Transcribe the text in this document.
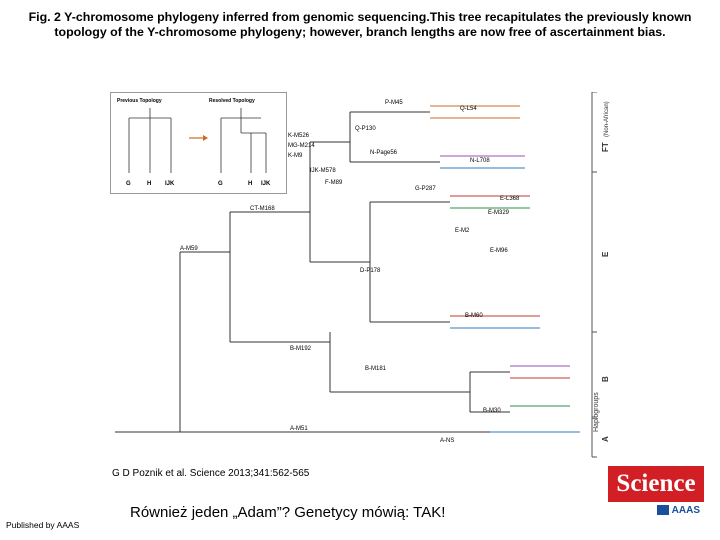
Fig. 2 Y-chromosome phylogeny inferred from genomic sequencing.This tree recapitulates the previously known topology of the Y-chromosome phylogeny; however, branch lengths are now free of ascertainment bias.
P-M45
Q-L54
Q-P130
K-M526
MG-M214
K-M9	N-Page56
N-L708
IJK-M578
F-M89
G-P287
CT-M168
E-L368
E-M329
E-M2
E-M96
D-P178
A-M59
B-M60
B-M192
B-M181
B-M30
A-M51
A-NS
FT
(Non-African)
E
B
A
Haplogroups
Previous Topology	Resolved Topology
G	H IJK	G	H IJK
G D Poznik et al. Science 2013;341:562-565
Również jeden „Adam”? Genetycy mówią: TAK!
Published by AAAS
Science
AAAS
